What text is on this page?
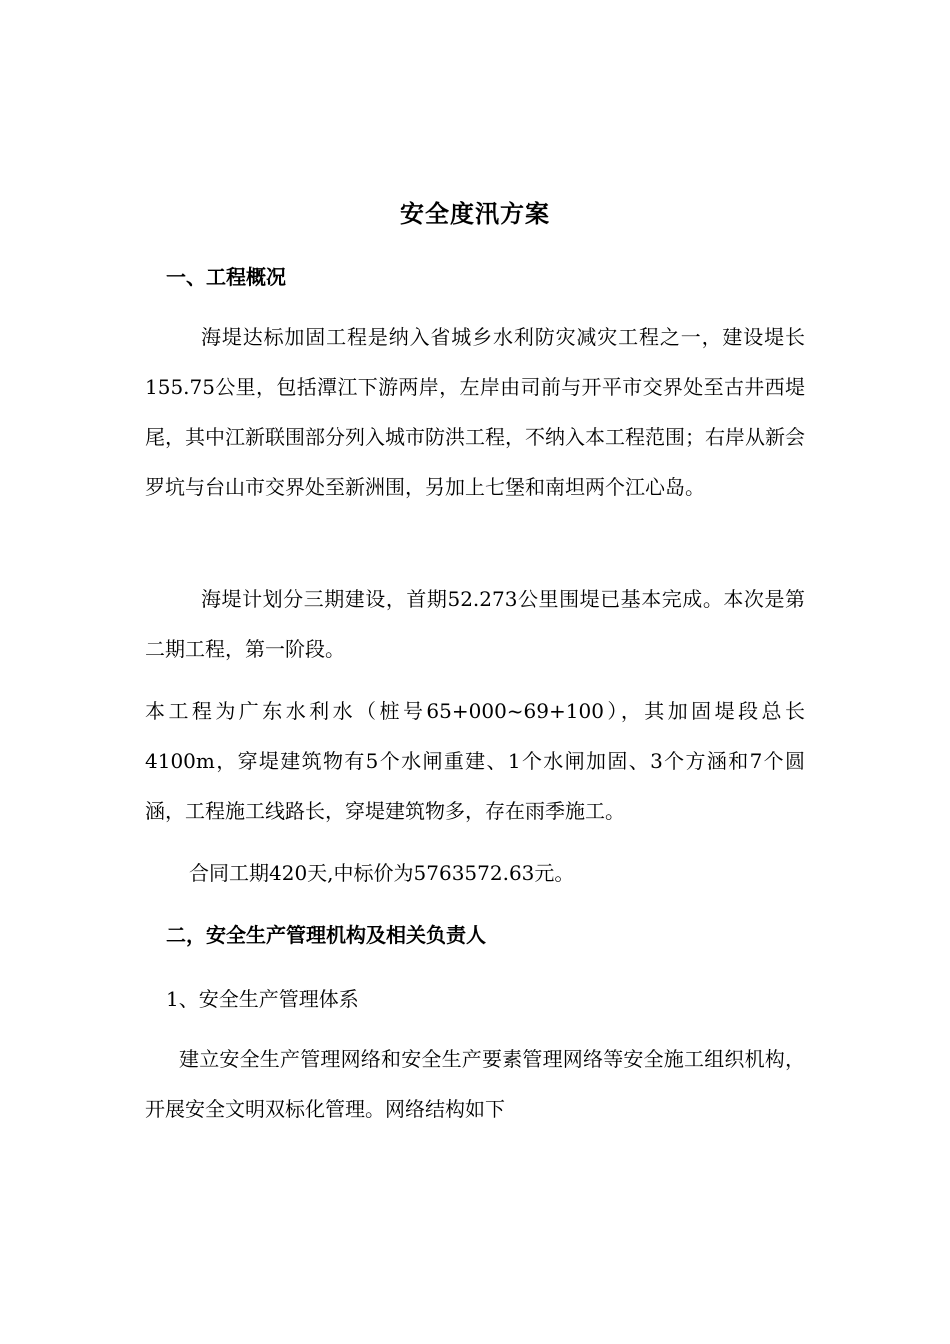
安全度汛方案
一、工程概况
海堤达标加固工程是纳入省城乡水利防灾减灾工程之一，建设堤长155.75公里，包括潭江下游两岸，左岸由司前与开平市交界处至古井西堤尾，其中江新联围部分列入城市防洪工程，不纳入本工程范围；右岸从新会罗坑与台山市交界处至新洲围，另加上七堡和南坦两个江心岛。
海堤计划分三期建设，首期52.273公里围堤已基本完成。本次是第二期工程，第一阶段。
本工程为广东水利水（桩号65+000~69+100），其加固堤段总长4100m，穿堤建筑物有5个水闸重建、1个水闸加固、3个方涵和7个圆涵，工程施工线路长，穿堤建筑物多，存在雨季施工。
合同工期420天,中标价为5763572.63元。
二，安全生产管理机构及相关负责人
1、安全生产管理体系
建立安全生产管理网络和安全生产要素管理网络等安全施工组织机构，开展安全文明双标化管理。网络结构如下
